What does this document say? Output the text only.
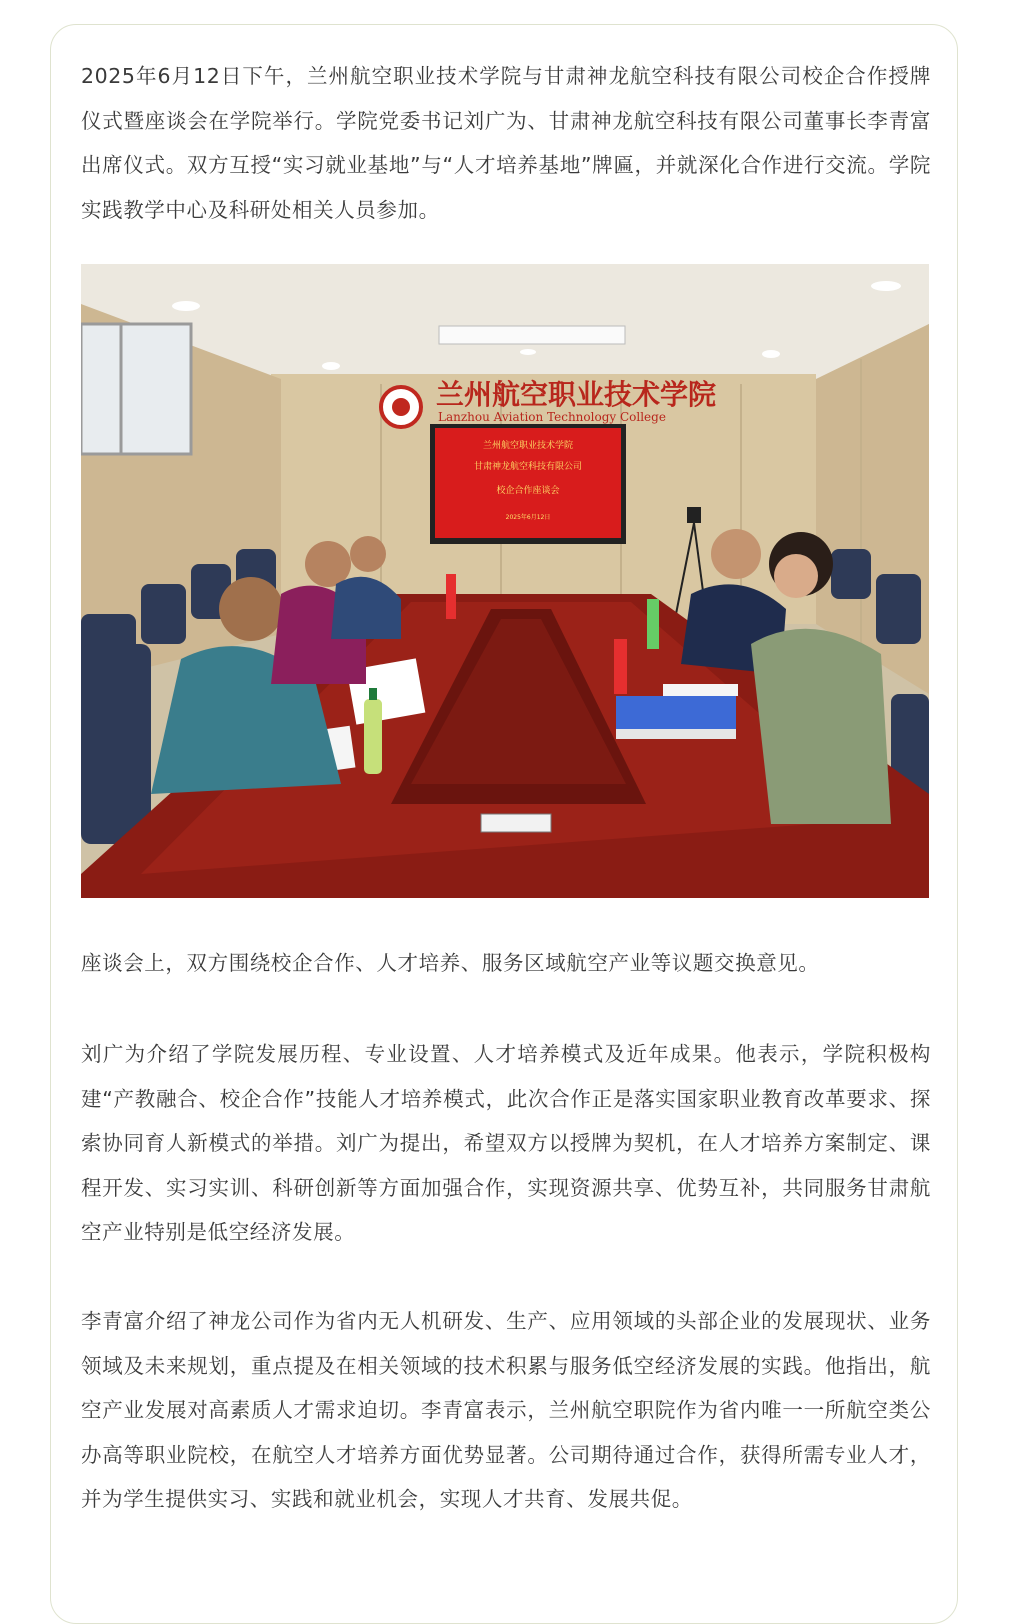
2025年6月12日下午，兰州航空职业技术学院与甘肃神龙航空科技有限公司校企合作授牌仪式暨座谈会在学院举行。学院党委书记刘广为、甘肃神龙航空科技有限公司董事长李青富出席仪式。双方互授“实习就业基地”与“人才培养基地”牌匾，并就深化合作进行交流。学院实践教学中心及科研处相关人员参加。

兰州航空职业技术学院
Lanzhou Aviation Technology College
兰州航空职业技术学院
甘肃神龙航空科技有限公司
校企合作座谈会
2025年6月12日

座谈会上，双方围绕校企合作、人才培养、服务区域航空产业等议题交换意见。

刘广为介绍了学院发展历程、专业设置、人才培养模式及近年成果。他表示，学院积极构建“产教融合、校企合作”技能人才培养模式，此次合作正是落实国家职业教育改革要求、探索协同育人新模式的举措。刘广为提出，希望双方以授牌为契机，在人才培养方案制定、课程开发、实习实训、科研创新等方面加强合作，实现资源共享、优势互补，共同服务甘肃航空产业特别是低空经济发展。

李青富介绍了神龙公司作为省内无人机研发、生产、应用领域的头部企业的发展现状、业务领域及未来规划，重点提及在相关领域的技术积累与服务低空经济发展的实践。他指出，航空产业发展对高素质人才需求迫切。李青富表示，兰州航空职院作为省内唯一一所航空类公办高等职业院校，在航空人才培养方面优势显著。公司期待通过合作，获得所需专业人才，并为学生提供实习、实践和就业机会，实现人才共育、发展共促。
